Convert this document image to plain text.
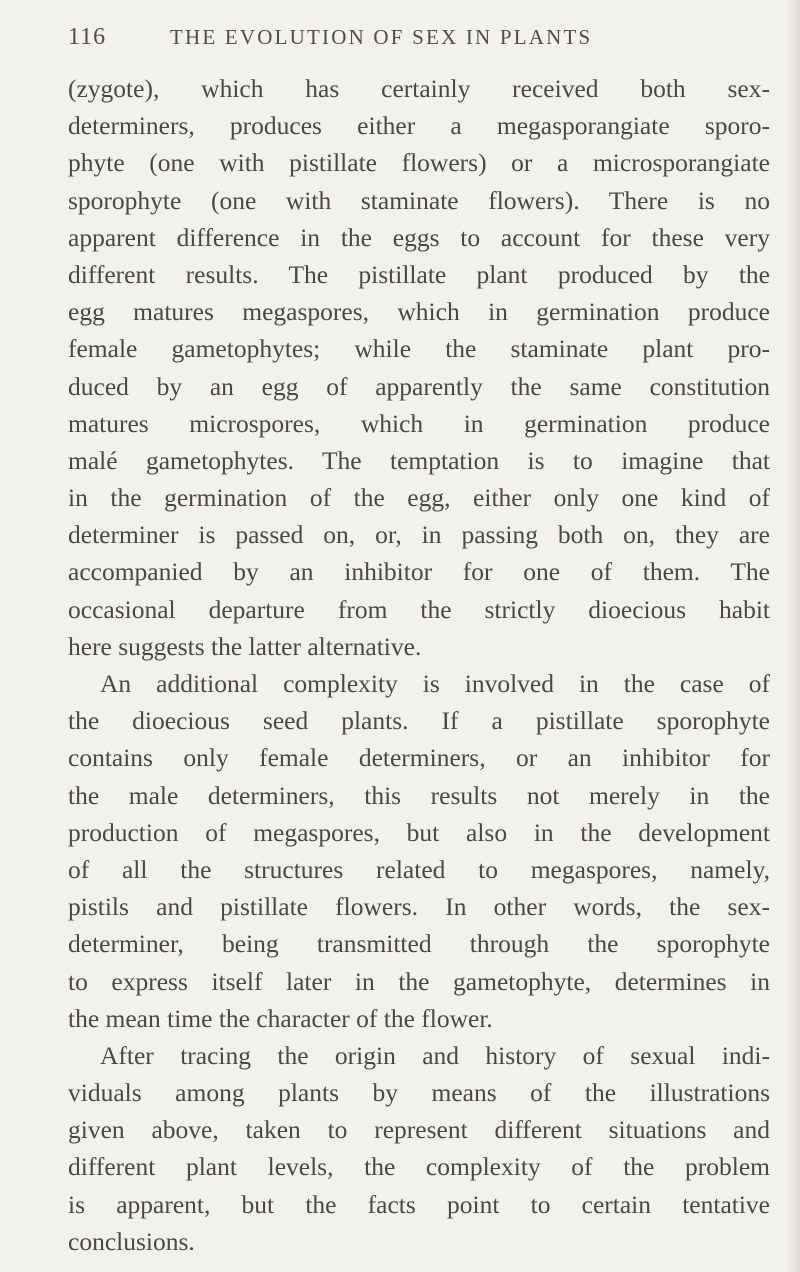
116	THE EVOLUTION OF SEX IN PLANTS
(zygote), which has certainly received both sex-
determiners, produces either a megasporangiate sporo-
phyte (one with pistillate flowers) or a microsporangiate
sporophyte (one with staminate flowers). There is no
apparent difference in the eggs to account for these very
different results. The pistillate plant produced by the
egg matures megaspores, which in germination produce
female gametophytes; while the staminate plant pro-
duced by an egg of apparently the same constitution
matures microspores, which in germination produce
malé gametophytes. The temptation is to imagine that
in the germination of the egg, either only one kind of
determiner is passed on, or, in passing both on, they are
accompanied by an inhibitor for one of them. The
occasional departure from the strictly dioecious habit
here suggests the latter alternative.
An additional complexity is involved in the case of
the dioecious seed plants. If a pistillate sporophyte
contains only female determiners, or an inhibitor for
the male determiners, this results not merely in the
production of megaspores, but also in the development
of all the structures related to megaspores, namely,
pistils and pistillate flowers. In other words, the sex-
determiner, being transmitted through the sporophyte
to express itself later in the gametophyte, determines in
the mean time the character of the flower.
After tracing the origin and history of sexual indi-
viduals among plants by means of the illustrations
given above, taken to represent different situations and
different plant levels, the complexity of the problem
is apparent, but the facts point to certain tentative
conclusions.
